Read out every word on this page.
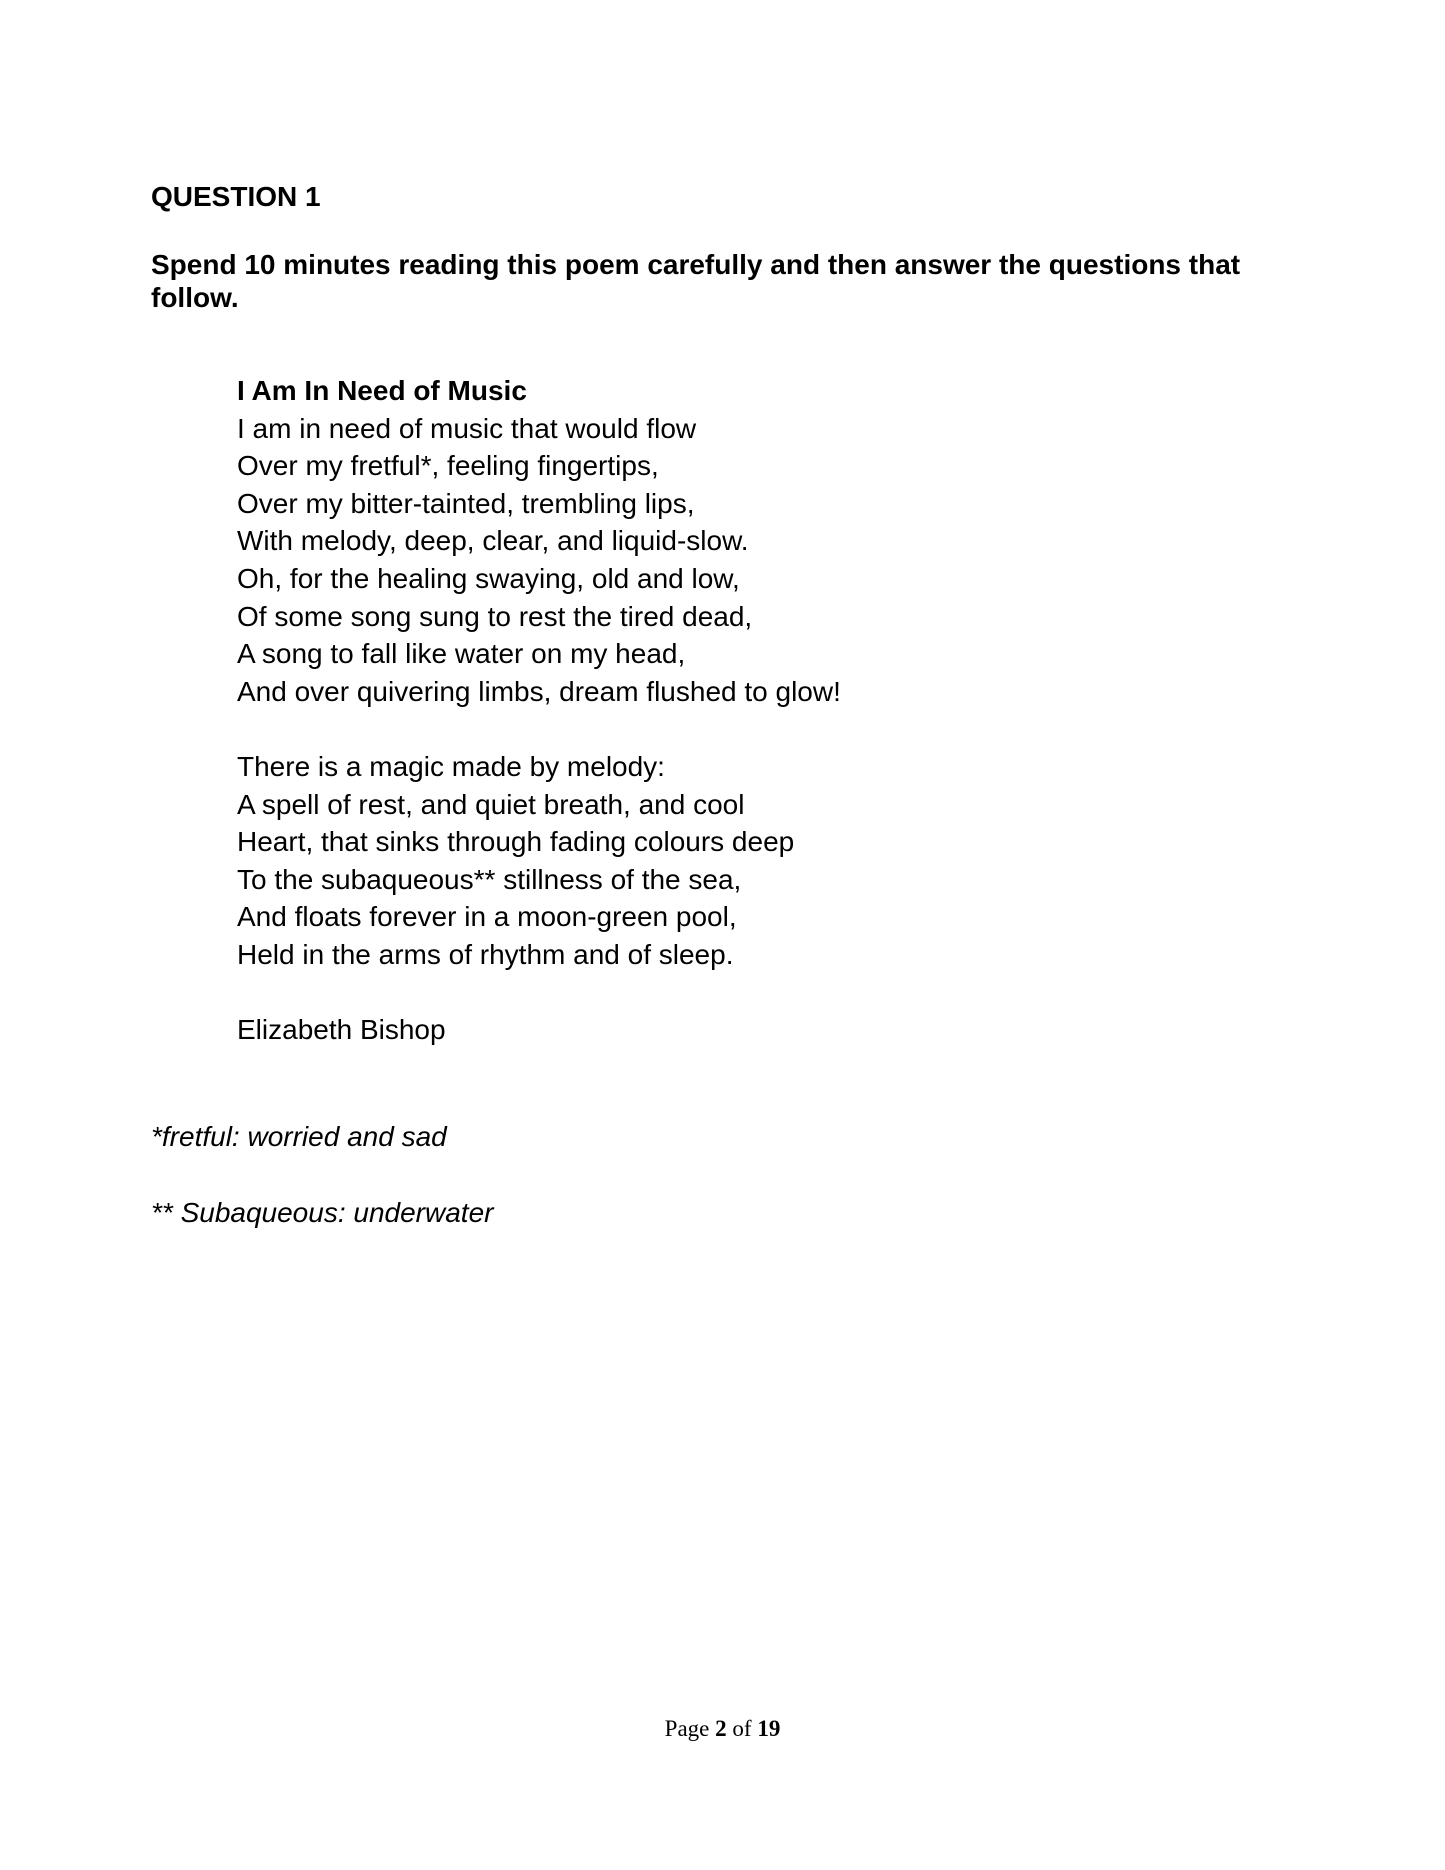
QUESTION 1

Spend 10 minutes reading this poem carefully and then answer the questions that follow.

I Am In Need of Music

I am in need of music that would flow
Over my fretful*, feeling fingertips,
Over my bitter-tainted, trembling lips,
With melody, deep, clear, and liquid-slow.
Oh, for the healing swaying, old and low,
Of some song sung to rest the tired dead,
A song to fall like water on my head,
And over quivering limbs, dream flushed to glow!
There is a magic made by melody:
A spell of rest, and quiet breath, and cool
Heart, that sinks through fading colours deep
To the subaqueous** stillness of the sea,
And floats forever in a moon-green pool,
Held in the arms of rhythm and of sleep.

Elizabeth Bishop

*fretful: worried and sad

** Subaqueous: underwater

Page 2 of 19
